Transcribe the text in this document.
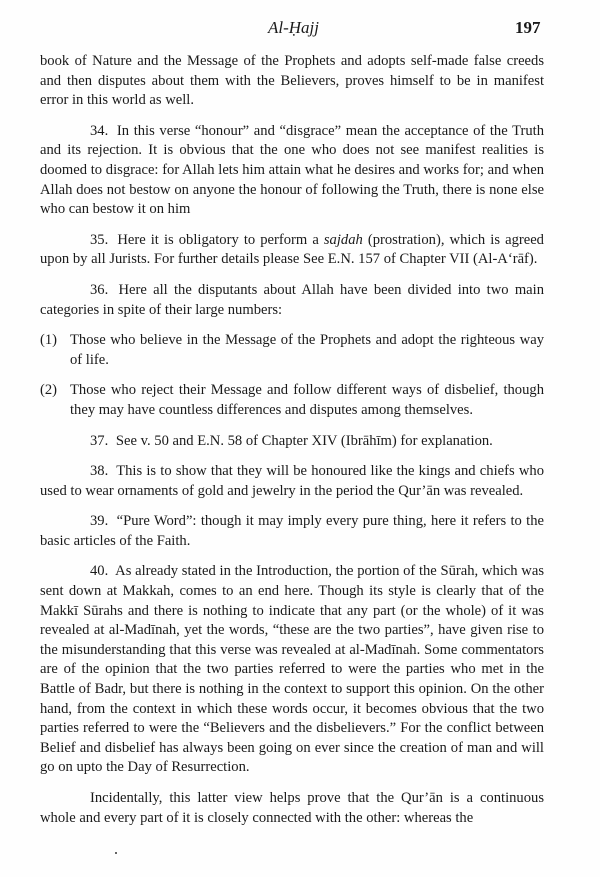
Al-Ḥajj	197

book of Nature and the Message of the Prophets and adopts self-made false creeds and then disputes about them with the Believers, proves himself to be in manifest error in this world as well.

34. In this verse “honour” and “disgrace” mean the acceptance of the Truth and its rejection. It is obvious that the one who does not see manifest realities is doomed to disgrace: for Allah lets him attain what he desires and works for; and when Allah does not bestow on anyone the honour of following the Truth, there is none else who can bestow it on him

35. Here it is obligatory to perform a sajdah (prostration), which is agreed upon by all Jurists. For further details please See E.N. 157 of Chapter VII (Al-A‘rāf).

36. Here all the disputants about Allah have been divided into two main categories in spite of their large numbers:

(1) Those who believe in the Message of the Prophets and adopt the righteous way of life.
(2) Those who reject their Message and follow different ways of disbelief, though they may have countless differences and disputes among themselves.

37. See v. 50 and E.N. 58 of Chapter XIV (Ibrāhīm) for explanation.

38. This is to show that they will be honoured like the kings and chiefs who used to wear ornaments of gold and jewelry in the period the Qur’ān was revealed.

39. “Pure Word”: though it may imply every pure thing, here it refers to the basic articles of the Faith.

40. As already stated in the Introduction, the portion of the Sūrah, which was sent down at Makkah, comes to an end here. Though its style is clearly that of the Makkī Sūrahs and there is nothing to indicate that any part (or the whole) of it was revealed at al-Madīnah, yet the words, “these are the two parties”, have given rise to the misunderstanding that this verse was revealed at al-Madīnah. Some commentators are of the opinion that the two parties referred to were the parties who met in the Battle of Badr, but there is nothing in the context to support this opinion. On the other hand, from the context in which these words occur, it becomes obvious that the two parties referred to were the “Believers and the disbelievers.” For the conflict between Belief and disbelief has always been going on ever since the creation of man and will go on upto the Day of Resurrection.

Incidentally, this latter view helps prove that the Qur’ān is a continuous whole and every part of it is closely connected with the other: whereas the
